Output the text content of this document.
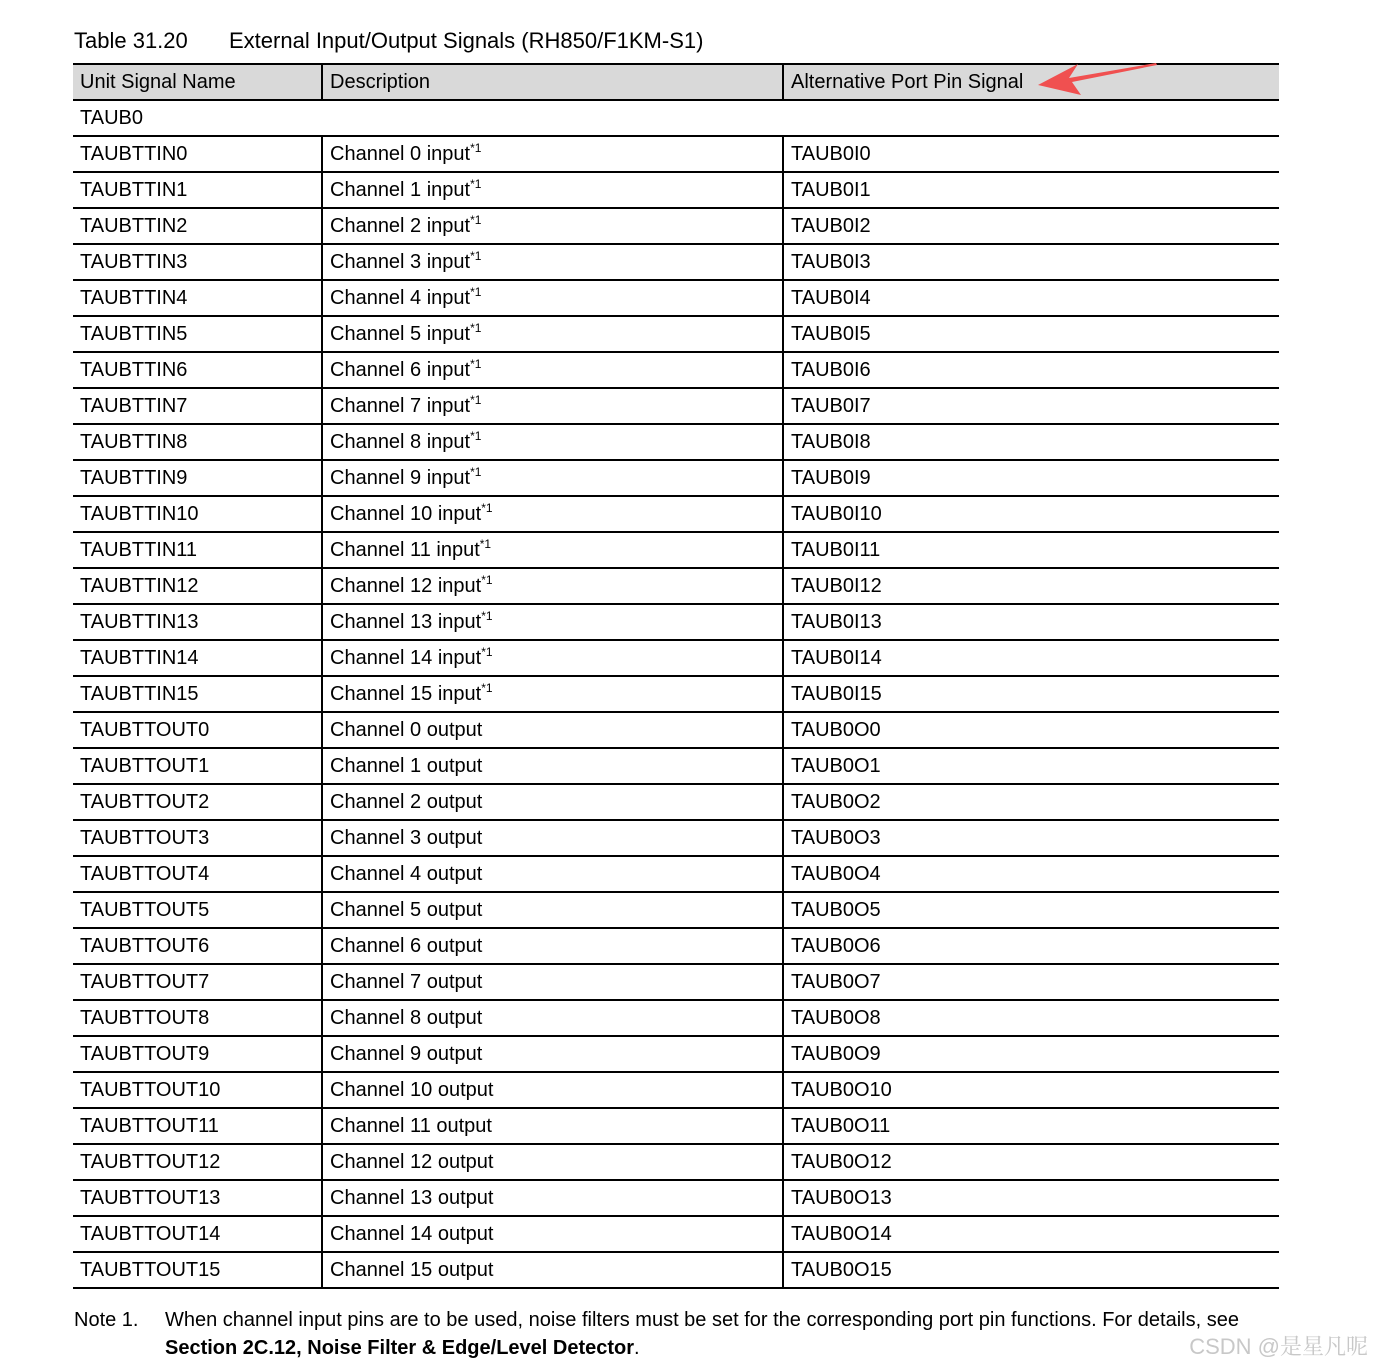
Table 31.20 External Input/Output Signals (RH850/F1KM-S1)
Unit Signal Name	Description	Alternative Port Pin Signal
TAUB0		
TAUBTTIN0	Channel 0 input$^{*1}$	TAUB0I0
TAUBTTIN1	Channel 1 input$^{*1}$	TAUB0I1
TAUBTTIN2	Channel 2 input$^{*1}$	TAUB0I2
TAUBTTIN3	Channel 3 input$^{*1}$	TAUB0I3
TAUBTTIN4	Channel 4 input$^{*1}$	TAUB0I4
TAUBTTIN5	Channel 5 input$^{*1}$	TAUB0I5
TAUBTTIN6	Channel 6 input$^{*1}$	TAUB0I6
TAUBTTIN7	Channel 7 input$^{*1}$	TAUB0I7
TAUBTTIN8	Channel 8 input$^{*1}$	TAUB0I8
TAUBTTIN9	Channel 9 input$^{*1}$	TAUB0I9
TAUBTTIN10	Channel 10 input$^{*1}$	TAUB0I10
TAUBTTIN11	Channel 11 input$^{*1}$	TAUB0I11
TAUBTTIN12	Channel 12 input$^{*1}$	TAUB0I12
TAUBTTIN13	Channel 13 input$^{*1}$	TAUB0I13
TAUBTTIN14	Channel 14 input$^{*1}$	TAUB0I14
TAUBTTIN15	Channel 15 input$^{*1}$	TAUB0I15
TAUBTTOUT0	Channel 0 output	TAUB0O0
TAUBTTOUT1	Channel 1 output	TAUB0O1
TAUBTTOUT2	Channel 2 output	TAUB0O2
TAUBTTOUT3	Channel 3 output	TAUB0O3
TAUBTTOUT4	Channel 4 output	TAUB0O4
TAUBTTOUT5	Channel 5 output	TAUB0O5
TAUBTTOUT6	Channel 6 output	TAUB0O6
TAUBTTOUT7	Channel 7 output	TAUB0O7
TAUBTTOUT8	Channel 8 output	TAUB0O8
TAUBTTOUT9	Channel 9 output	TAUB0O9
TAUBTTOUT10	Channel 10 output	TAUB0O10
TAUBTTOUT11	Channel 11 output	TAUB0O11
TAUBTTOUT12	Channel 12 output	TAUB0O12
TAUBTTOUT13	Channel 13 output	TAUB0O13
TAUBTTOUT14	Channel 14 output	TAUB0O14
TAUBTTOUT15	Channel 15 output	TAUB0O15
Note 1. When channel input pins are to be used, noise filters must be set for the corresponding port pin functions. For details, see
Section 2C.12, Noise Filter & Edge/Level Detector.	CSDN @是星凡呢
